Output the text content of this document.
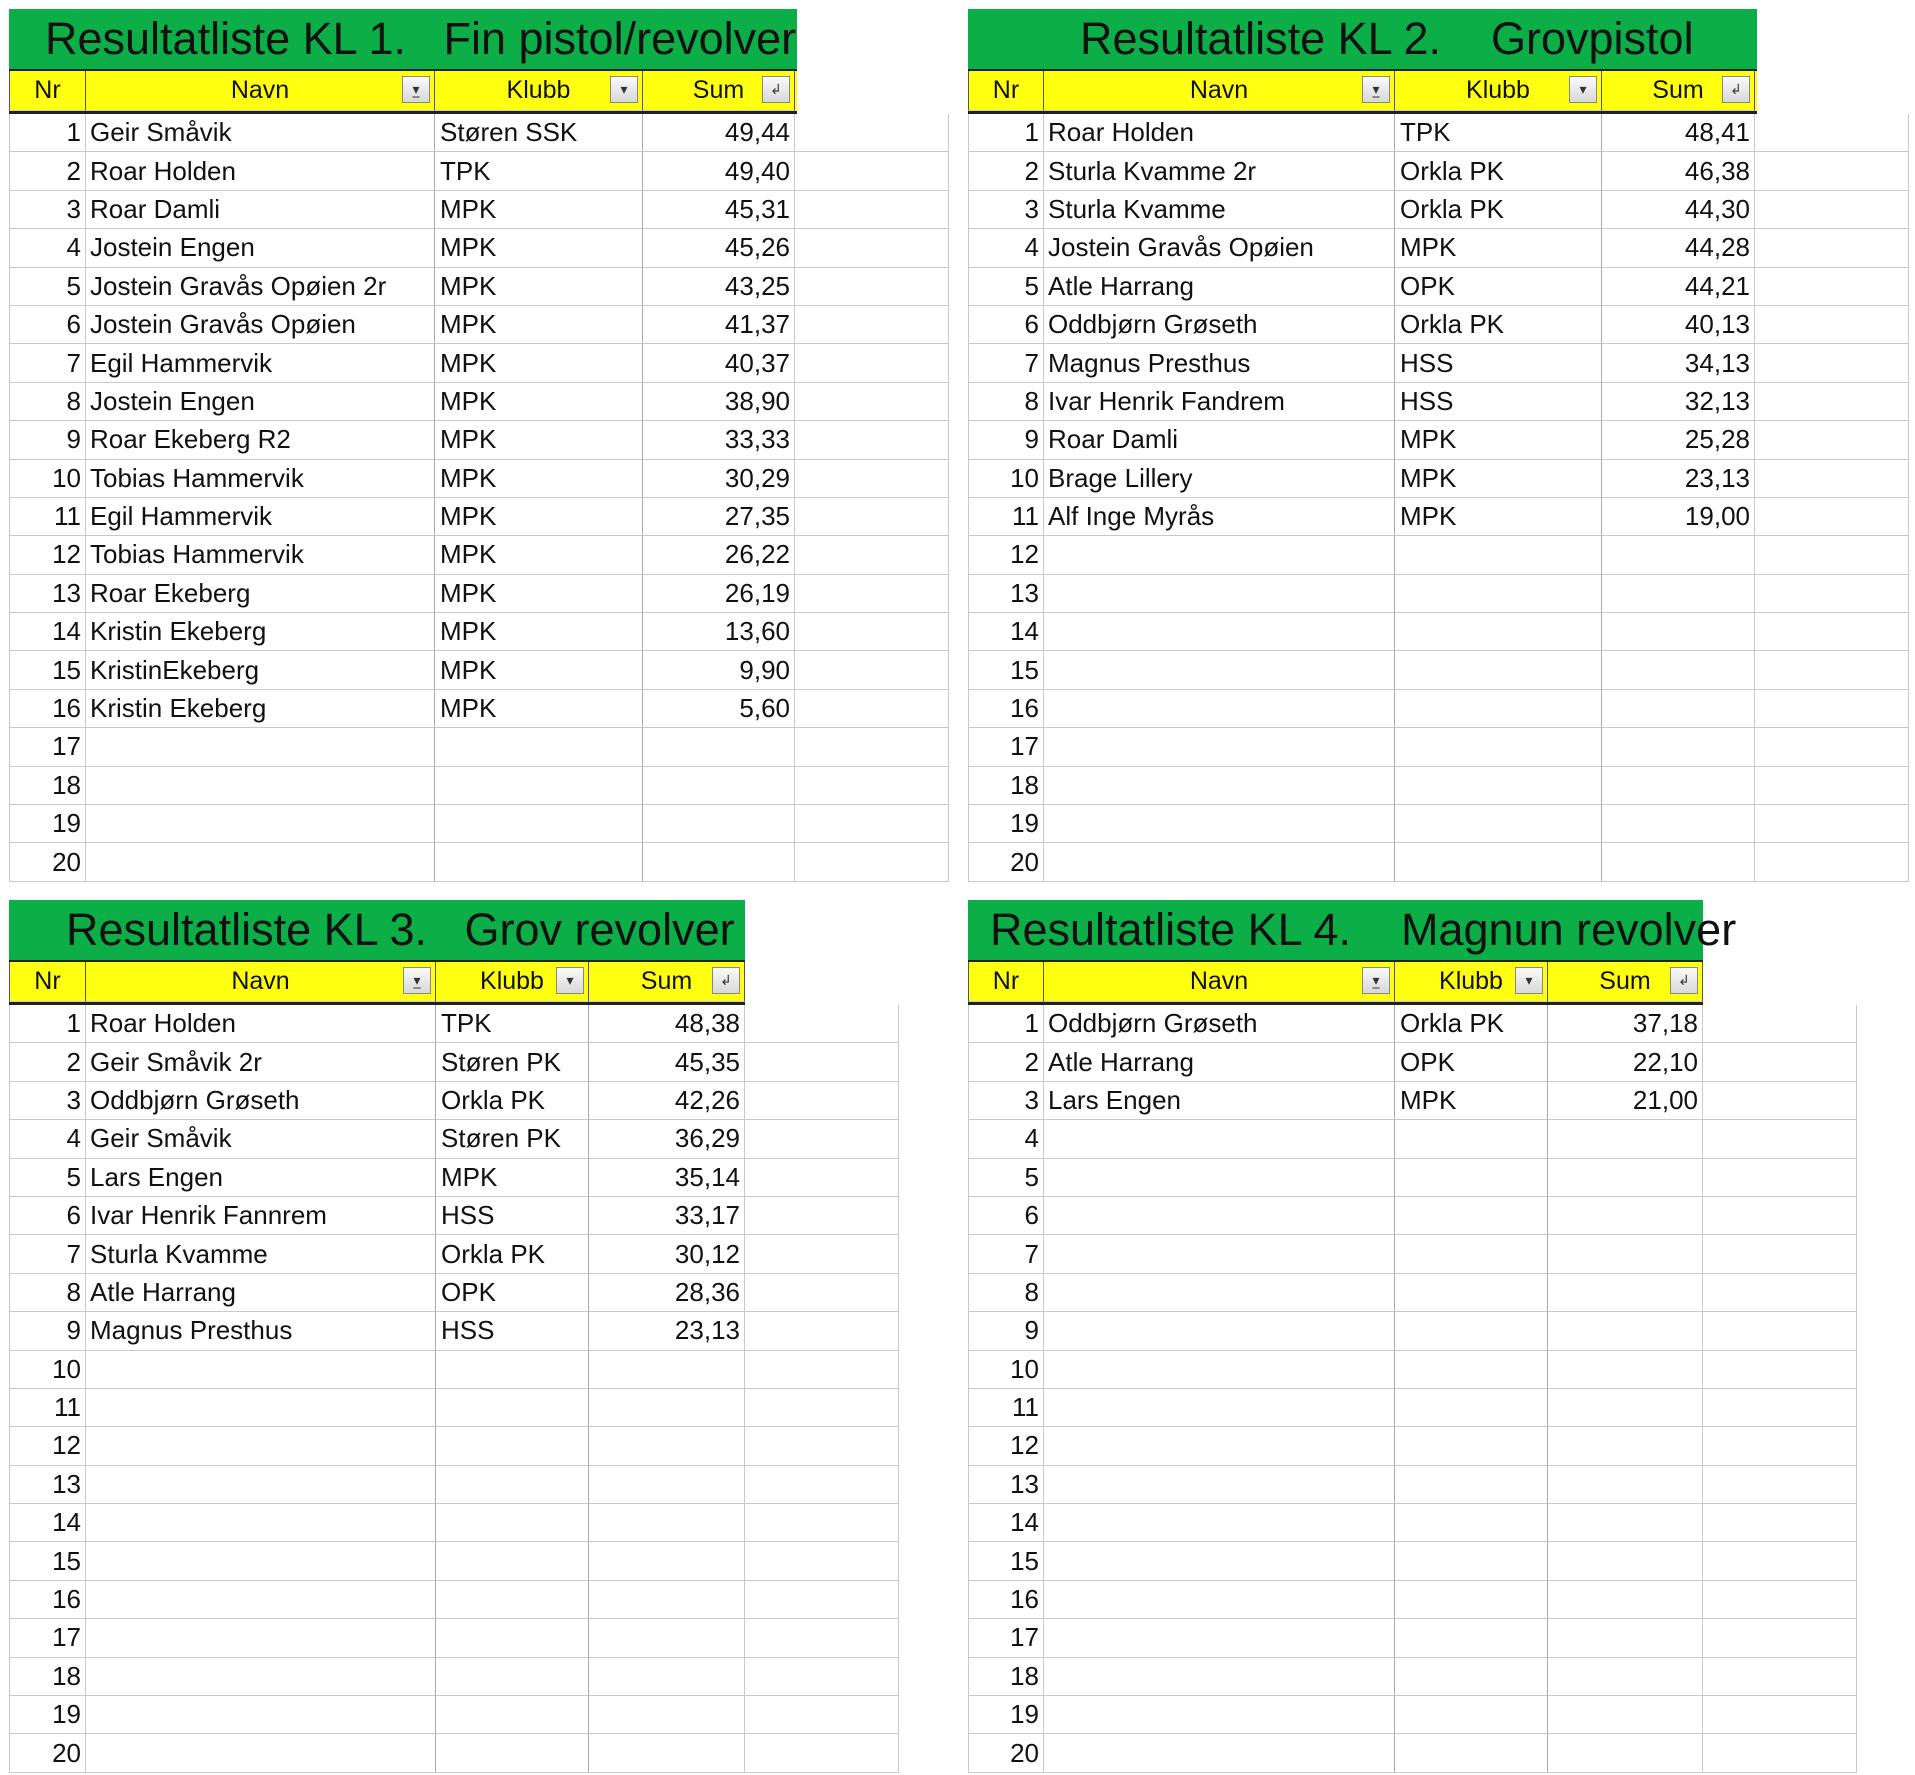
Resultatliste KL 1.   Fin pistol/revolver
Nr	Navn	▾̲	Klubb	▾	Sum	↲
1 Geir Småvik	Støren SSK	49,44
2 Roar Holden	TPK	49,40
3 Roar Damli	MPK	45,31
4 Jostein Engen	MPK	45,26
5 Jostein Gravås Opøien 2r	MPK	43,25
6 Jostein Gravås Opøien	MPK	41,37
7 Egil Hammervik	MPK	40,37
8 Jostein Engen	MPK	38,90
9 Roar Ekeberg R2	MPK	33,33
10 Tobias Hammervik	MPK	30,29
11 Egil Hammervik	MPK	27,35
12 Tobias Hammervik	MPK	26,22
13 Roar Ekeberg	MPK	26,19
14 Kristin Ekeberg	MPK	13,60
15 KristinEkeberg	MPK	9,90
16 Kristin Ekeberg	MPK	5,60
17
18
19
20
Resultatliste KL 2.    Grovpistol
Nr	Navn	▾̲	Klubb	▾	Sum	↲
1 Roar Holden	TPK	48,41
2 Sturla Kvamme 2r	Orkla PK	46,38
3 Sturla Kvamme	Orkla PK	44,30
4 Jostein Gravås Opøien	MPK	44,28
5 Atle Harrang	OPK	44,21
6 Oddbjørn Grøseth	Orkla PK	40,13
7 Magnus Presthus	HSS	34,13
8 Ivar Henrik Fandrem	HSS	32,13
9 Roar Damli	MPK	25,28
10 Brage Lillery	MPK	23,13
11 Alf Inge Myrås	MPK	19,00
12
13
14
15
16
17
18
19
20
Resultatliste KL 3.   Grov revolver
Nr	Navn	▾̲	Klubb	▾	Sum	↲
1 Roar Holden	TPK	48,38
2 Geir Småvik 2r	Støren PK	45,35
3 Oddbjørn Grøseth	Orkla PK	42,26
4 Geir Småvik	Støren PK	36,29
5 Lars Engen	MPK	35,14
6 Ivar Henrik Fannrem	HSS	33,17
7 Sturla Kvamme	Orkla PK	30,12
8 Atle Harrang	OPK	28,36
9 Magnus Presthus	HSS	23,13
10
11
12
13
14
15
16
17
18
19
20
Resultatliste KL 4.    Magnun revolver
Nr	Navn	▾̲	Klubb	▾	Sum	↲
1 Oddbjørn Grøseth	Orkla PK	37,18
2 Atle Harrang	OPK	22,10
3 Lars Engen	MPK	21,00
4
5
6
7
8
9
10
11
12
13
14
15
16
17
18
19
20
